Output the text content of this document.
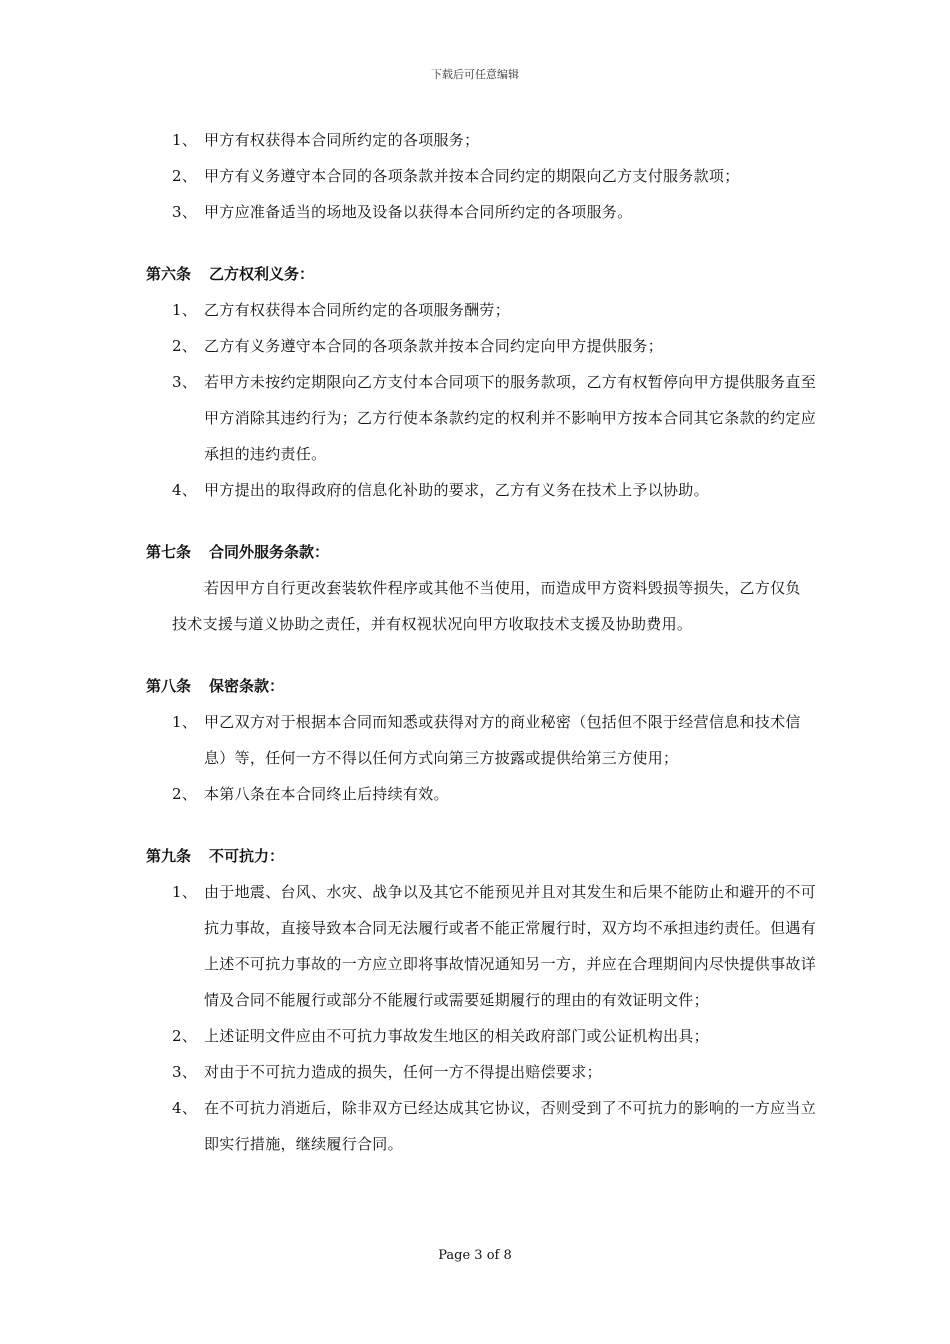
下载后可任意编辑
1、 甲方有权获得本合同所约定的各项服务；
2、 甲方有义务遵守本合同的各项条款并按本合同约定的期限向乙方支付服务款项；
3、 甲方应准备适当的场地及设备以获得本合同所约定的各项服务。
第六条 乙方权利义务：
1、 乙方有权获得本合同所约定的各项服务酬劳；
2、 乙方有义务遵守本合同的各项条款并按本合同约定向甲方提供服务；
3、 若甲方未按约定期限向乙方支付本合同项下的服务款项，乙方有权暂停向甲方提供服务直至甲方消除其违约行为；乙方行使本条款约定的权利并不影响甲方按本合同其它条款的约定应承担的违约责任。
4、 甲方提出的取得政府的信息化补助的要求，乙方有义务在技术上予以协助。
第七条 合同外服务条款：
若因甲方自行更改套装软件程序或其他不当使用，而造成甲方资料毁损等损失，乙方仅负技术支援与道义协助之责任，并有权视状况向甲方收取技术支援及协助费用。
第八条 保密条款：
1、 甲乙双方对于根据本合同而知悉或获得对方的商业秘密（包括但不限于经营信息和技术信息）等，任何一方不得以任何方式向第三方披露或提供给第三方使用；
2、 本第八条在本合同终止后持续有效。
第九条 不可抗力：
1、 由于地震、台风、水灾、战争以及其它不能预见并且对其发生和后果不能防止和避开的不可抗力事故，直接导致本合同无法履行或者不能正常履行时，双方均不承担违约责任。但遇有上述不可抗力事故的一方应立即将事故情况通知另一方，并应在合理期间内尽快提供事故详情及合同不能履行或部分不能履行或需要延期履行的理由的有效证明文件；
2、 上述证明文件应由不可抗力事故发生地区的相关政府部门或公证机构出具；
3、 对由于不可抗力造成的损失，任何一方不得提出赔偿要求；
4、 在不可抗力消逝后，除非双方已经达成其它协议，否则受到了不可抗力的影响的一方应当立即实行措施，继续履行合同。
Page 3 of 8
